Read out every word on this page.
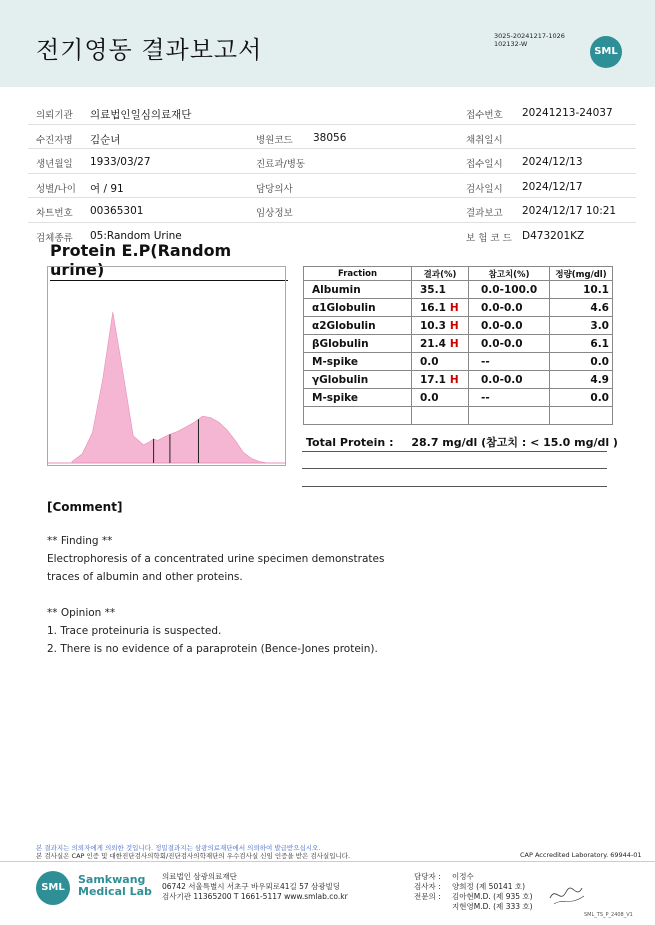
전기영동 결과보고서	3025-20241217-1026
102132-W
SML
의뢰기관 의료법인일심의료재단	접수번호 20241213-24037
수진자명 김순녀	병원코드 38056	채취일시
생년월일 1933/03/27	진료과/병동	접수일시 2024/12/13
성별/나이 여 / 91	담당의사	검사일시 2024/12/17
차트번호 00365301	임상정보	결과보고 2024/12/17 10:21
검체종류 05:Random Urine	보 험 코 드 D473201KZ
Protein E.P(Random urine)	Fraction	결과(%)	참고치(%)	정량(mg/dl)
Albumin	35.1	0.0-100.0	10.1
α1Globulin	16.1 H	0.0-0.0	4.6
α2Globulin	10.3 H	0.0-0.0	3.0
βGlobulin	21.4 H	0.0-0.0	6.1
M-spike	0.0	--	0.0
γGlobulin	17.1 H	0.0-0.0	4.9
M-spike	0.0	--	0.0

Total Protein : 28.7 mg/dl (참고치 : < 15.0 mg/dl )
[Comment]
** Finding **
Electrophoresis of a concentrated urine specimen demonstrates
traces of albumin and other proteins.
** Opinion **
1. Trace proteinuria is suspected.
2. There is no evidence of a paraprotein (Bence-Jones protein).
본 결과지는 의뢰자에게 의뢰한 것입니다. 정밀결과지는 삼광의료재단에서 의뢰하여 발급받으십시오.
본 검사실은 CAP 인증 및 대한진단검사의학회/진단검사의학재단의 우수검사실 신임 인증을 받은 검사실입니다.	CAP Accredited Laboratory. 69944-01
SML
Samkwang
Medical Lab
의료법인 삼광의료재단
06742 서울특별시 서초구 바우뫼로41길 57 삼광빌딩
검사기관 11365200 T 1661-5117 www.smlab.co.kr
담당자 : 이정수
검사자 : 양희정 (제 50141 호)
전문의 : 김아현M.D. (제 935 호)
지현영M.D. (제 333 호)
SML_TS_P_2408_V1
